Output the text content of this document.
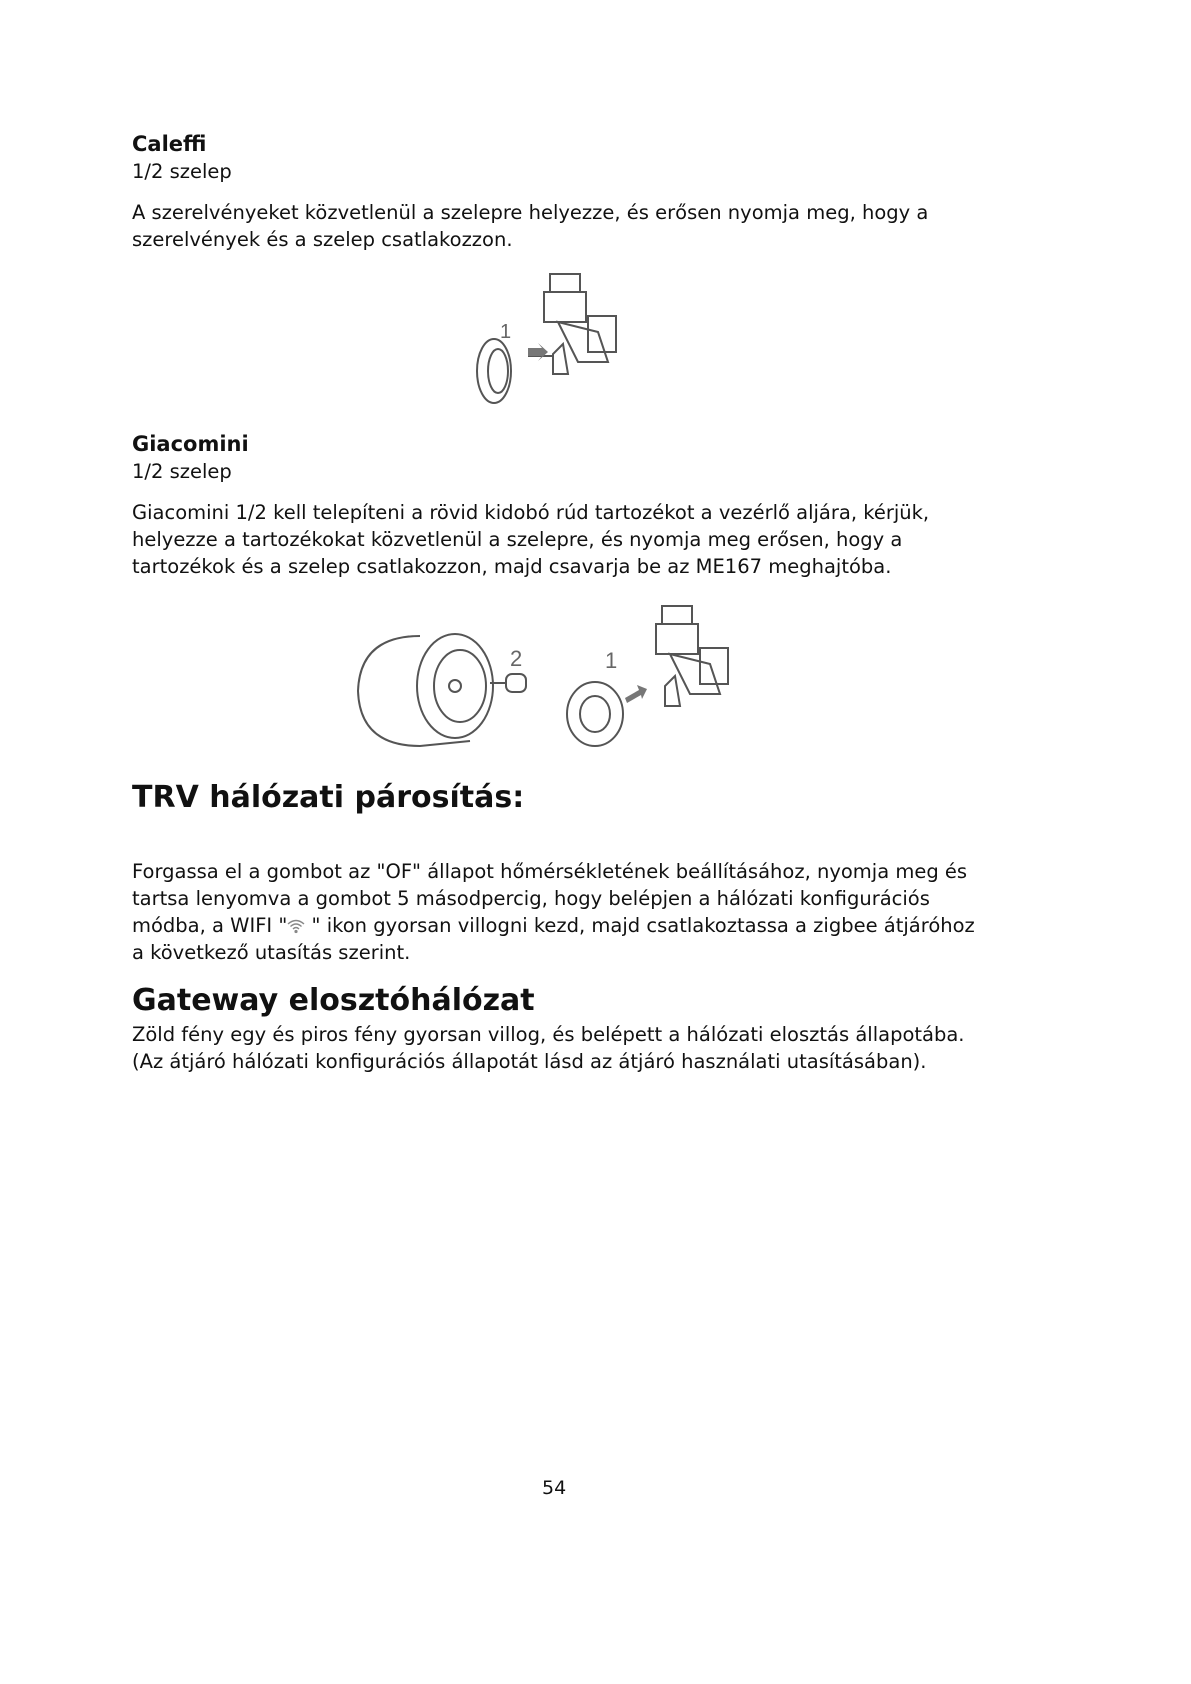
Caleffi
1/2 szelep
A szerelvényeket közvetlenül a szelepre helyezze, és erősen nyomja meg, hogy a szerelvények és a szelep csatlakozzon.
1
Giacomini
1/2 szelep
Giacomini 1/2 kell telepíteni a rövid kidobó rúd tartozékot a vezérlő aljára, kérjük, helyezze a tartozékokat közvetlenül a szelepre, és nyomja meg erősen, hogy a tartozékok és a szelep csatlakozzon, majd csavarja be az ME167 meghajtóba.
2	1
TRV hálózati párosítás:
Forgassa el a gombot az "OF" állapot hőmérsékletének beállításához, nyomja meg és tartsa lenyomva a gombot 5 másodpercig, hogy belépjen a hálózati konfigurációs módba, a WIFI " " ikon gyorsan villogni kezd, majd csatlakoztassa a zigbee átjáróhoz a következő utasítás szerint.
Gateway elosztóhálózat
Zöld fény egy és piros fény gyorsan villog, és belépett a hálózati elosztás állapotába. (Az átjáró hálózati konfigurációs állapotát lásd az átjáró használati utasításában).
54
